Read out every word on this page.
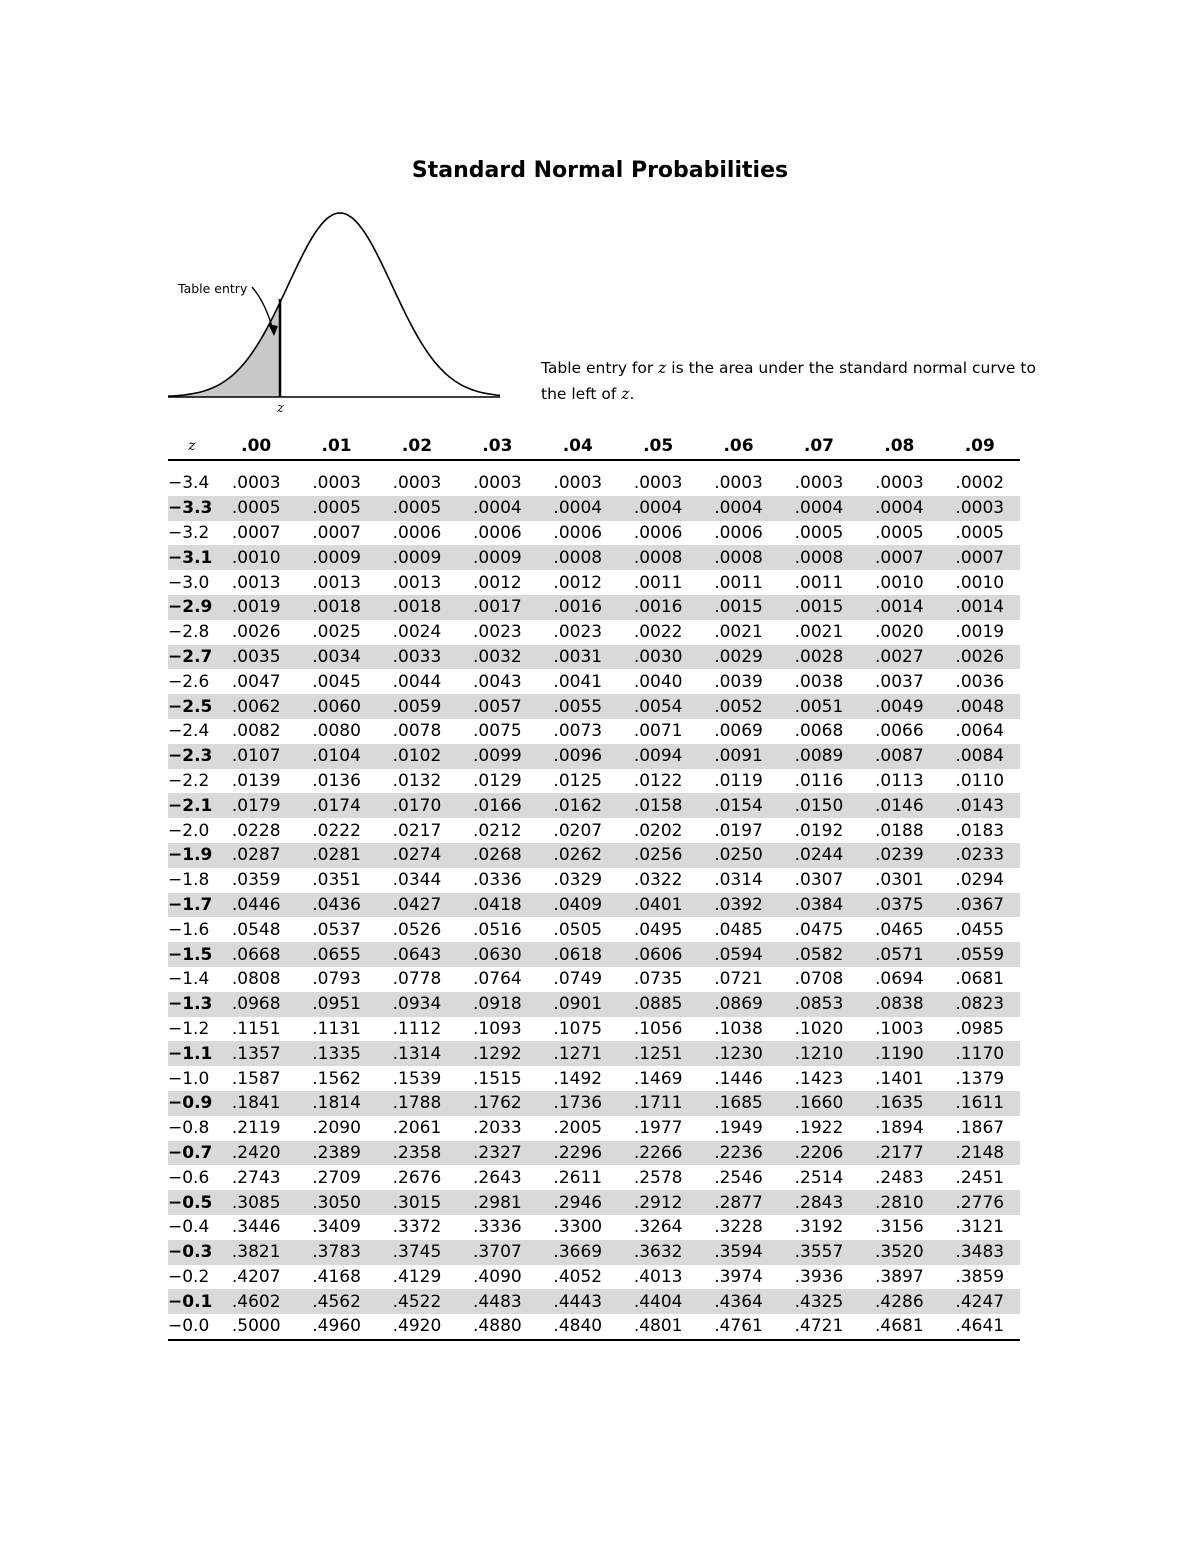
Standard Normal Probabilities
Table entry
z
Table entry for z is the area under the standard normal curve to the left of z.
z	.00	.01	.02	.03	.04	.05	.06	.07	.08	.09
−3.4	.0003	.0003	.0003	.0003	.0003	.0003	.0003	.0003	.0003	.0002
−3.3	.0005	.0005	.0005	.0004	.0004	.0004	.0004	.0004	.0004	.0003
−3.2	.0007	.0007	.0006	.0006	.0006	.0006	.0006	.0005	.0005	.0005
−3.1	.0010	.0009	.0009	.0009	.0008	.0008	.0008	.0008	.0007	.0007
−3.0	.0013	.0013	.0013	.0012	.0012	.0011	.0011	.0011	.0010	.0010
−2.9	.0019	.0018	.0018	.0017	.0016	.0016	.0015	.0015	.0014	.0014
−2.8	.0026	.0025	.0024	.0023	.0023	.0022	.0021	.0021	.0020	.0019
−2.7	.0035	.0034	.0033	.0032	.0031	.0030	.0029	.0028	.0027	.0026
−2.6	.0047	.0045	.0044	.0043	.0041	.0040	.0039	.0038	.0037	.0036
−2.5	.0062	.0060	.0059	.0057	.0055	.0054	.0052	.0051	.0049	.0048
−2.4	.0082	.0080	.0078	.0075	.0073	.0071	.0069	.0068	.0066	.0064
−2.3	.0107	.0104	.0102	.0099	.0096	.0094	.0091	.0089	.0087	.0084
−2.2	.0139	.0136	.0132	.0129	.0125	.0122	.0119	.0116	.0113	.0110
−2.1	.0179	.0174	.0170	.0166	.0162	.0158	.0154	.0150	.0146	.0143
−2.0	.0228	.0222	.0217	.0212	.0207	.0202	.0197	.0192	.0188	.0183
−1.9	.0287	.0281	.0274	.0268	.0262	.0256	.0250	.0244	.0239	.0233
−1.8	.0359	.0351	.0344	.0336	.0329	.0322	.0314	.0307	.0301	.0294
−1.7	.0446	.0436	.0427	.0418	.0409	.0401	.0392	.0384	.0375	.0367
−1.6	.0548	.0537	.0526	.0516	.0505	.0495	.0485	.0475	.0465	.0455
−1.5	.0668	.0655	.0643	.0630	.0618	.0606	.0594	.0582	.0571	.0559
−1.4	.0808	.0793	.0778	.0764	.0749	.0735	.0721	.0708	.0694	.0681
−1.3	.0968	.0951	.0934	.0918	.0901	.0885	.0869	.0853	.0838	.0823
−1.2	.1151	.1131	.1112	.1093	.1075	.1056	.1038	.1020	.1003	.0985
−1.1	.1357	.1335	.1314	.1292	.1271	.1251	.1230	.1210	.1190	.1170
−1.0	.1587	.1562	.1539	.1515	.1492	.1469	.1446	.1423	.1401	.1379
−0.9	.1841	.1814	.1788	.1762	.1736	.1711	.1685	.1660	.1635	.1611
−0.8	.2119	.2090	.2061	.2033	.2005	.1977	.1949	.1922	.1894	.1867
−0.7	.2420	.2389	.2358	.2327	.2296	.2266	.2236	.2206	.2177	.2148
−0.6	.2743	.2709	.2676	.2643	.2611	.2578	.2546	.2514	.2483	.2451
−0.5	.3085	.3050	.3015	.2981	.2946	.2912	.2877	.2843	.2810	.2776
−0.4	.3446	.3409	.3372	.3336	.3300	.3264	.3228	.3192	.3156	.3121
−0.3	.3821	.3783	.3745	.3707	.3669	.3632	.3594	.3557	.3520	.3483
−0.2	.4207	.4168	.4129	.4090	.4052	.4013	.3974	.3936	.3897	.3859
−0.1	.4602	.4562	.4522	.4483	.4443	.4404	.4364	.4325	.4286	.4247
−0.0	.5000	.4960	.4920	.4880	.4840	.4801	.4761	.4721	.4681	.4641
